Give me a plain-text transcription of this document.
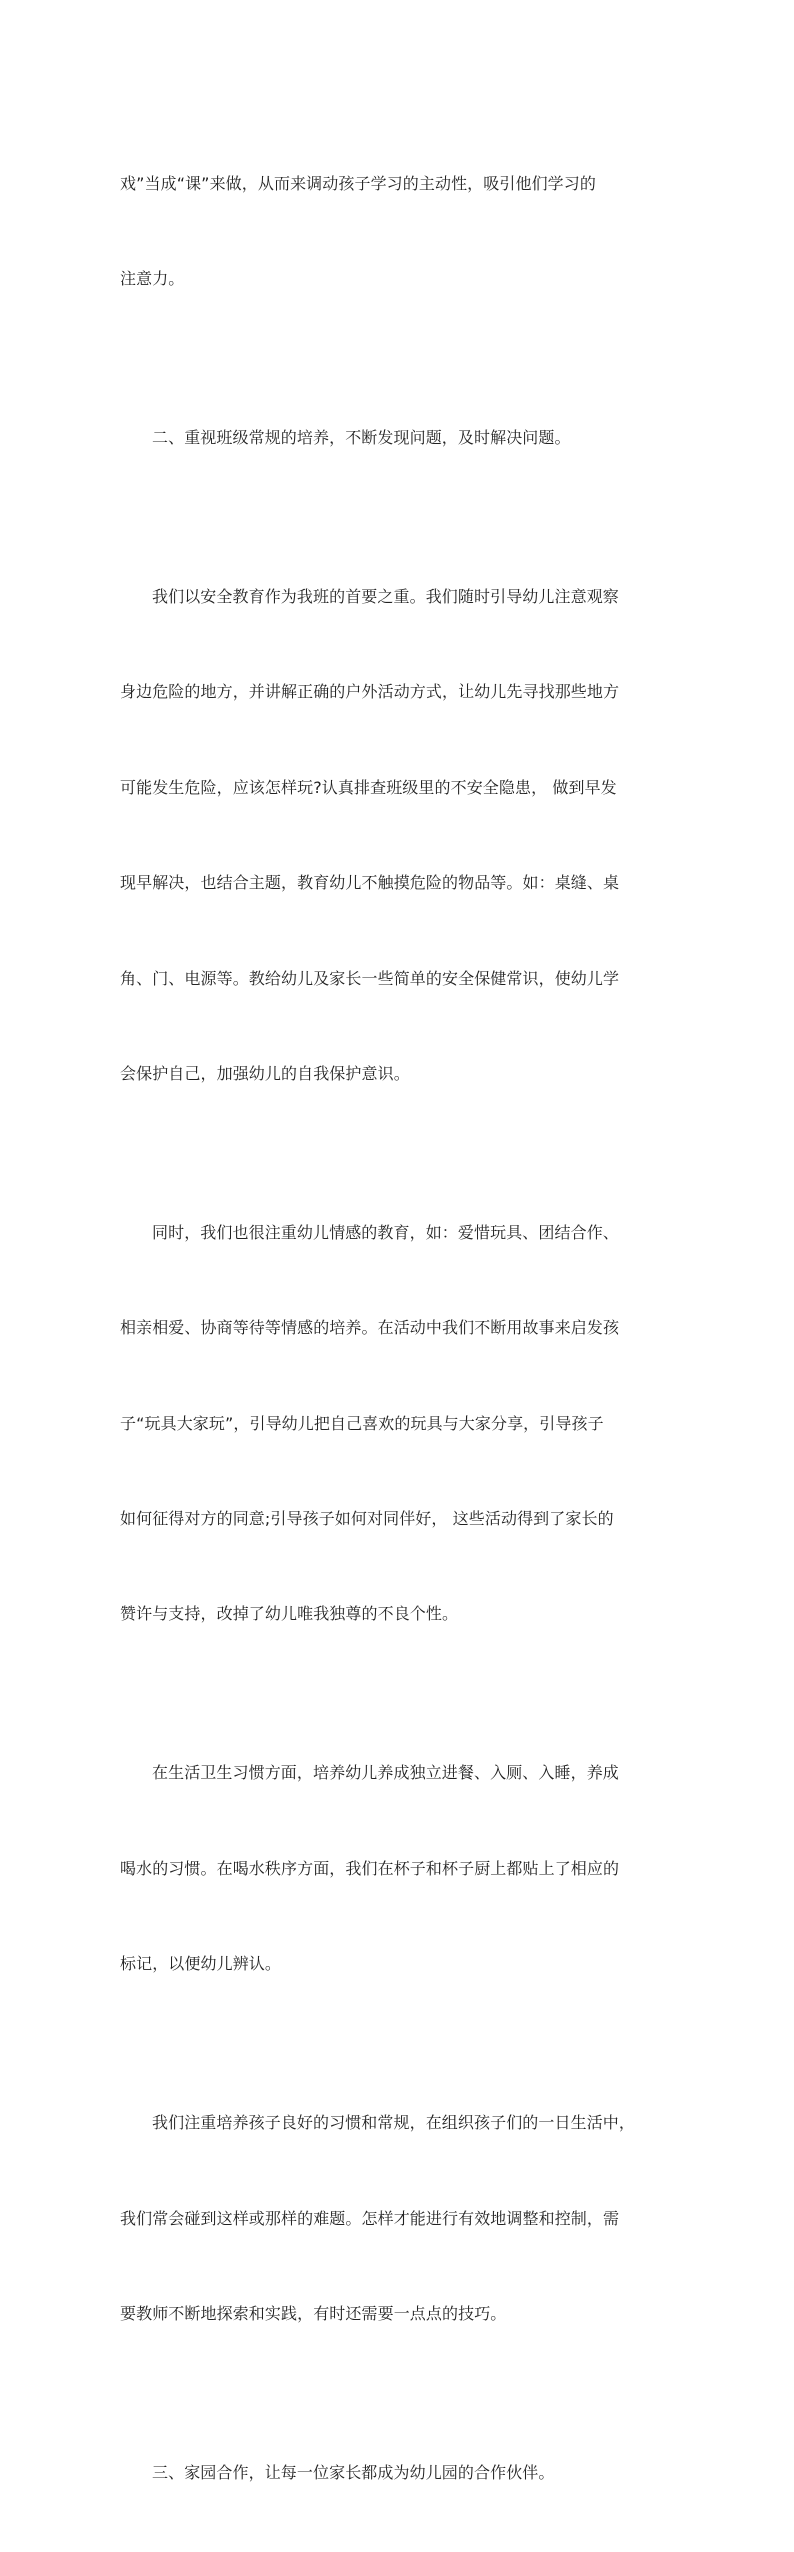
戏”当成“课”来做，从而来调动孩子学习的主动性，吸引他们学习的

注意力。

二、重视班级常规的培养，不断发现问题，及时解决问题。

我们以安全教育作为我班的首要之重。我们随时引导幼儿注意观察

身边危险的地方，并讲解正确的户外活动方式，让幼儿先寻找那些地方

可能发生危险，应该怎样玩?认真排查班级里的不安全隐患， 做到早发

现早解决，也结合主题，教育幼儿不触摸危险的物品等。如：桌缝、桌

角、门、电源等。教给幼儿及家长一些简单的安全保健常识，使幼儿学

会保护自己，加强幼儿的自我保护意识。

同时，我们也很注重幼儿情感的教育，如：爱惜玩具、团结合作、

相亲相爱、协商等待等情感的培养。在活动中我们不断用故事来启发孩

子“玩具大家玩”，引导幼儿把自己喜欢的玩具与大家分享，引导孩子

如何征得对方的同意;引导孩子如何对同伴好， 这些活动得到了家长的

赞许与支持，改掉了幼儿唯我独尊的不良个性。

在生活卫生习惯方面，培养幼儿养成独立进餐、入厕、入睡，养成

喝水的习惯。在喝水秩序方面，我们在杯子和杯子厨上都贴上了相应的

标记，以便幼儿辨认。

我们注重培养孩子良好的习惯和常规，在组织孩子们的一日生活中，

我们常会碰到这样或那样的难题。怎样才能进行有效地调整和控制，需

要教师不断地探索和实践，有时还需要一点点的技巧。

三、家园合作，让每一位家长都成为幼儿园的合作伙伴。
